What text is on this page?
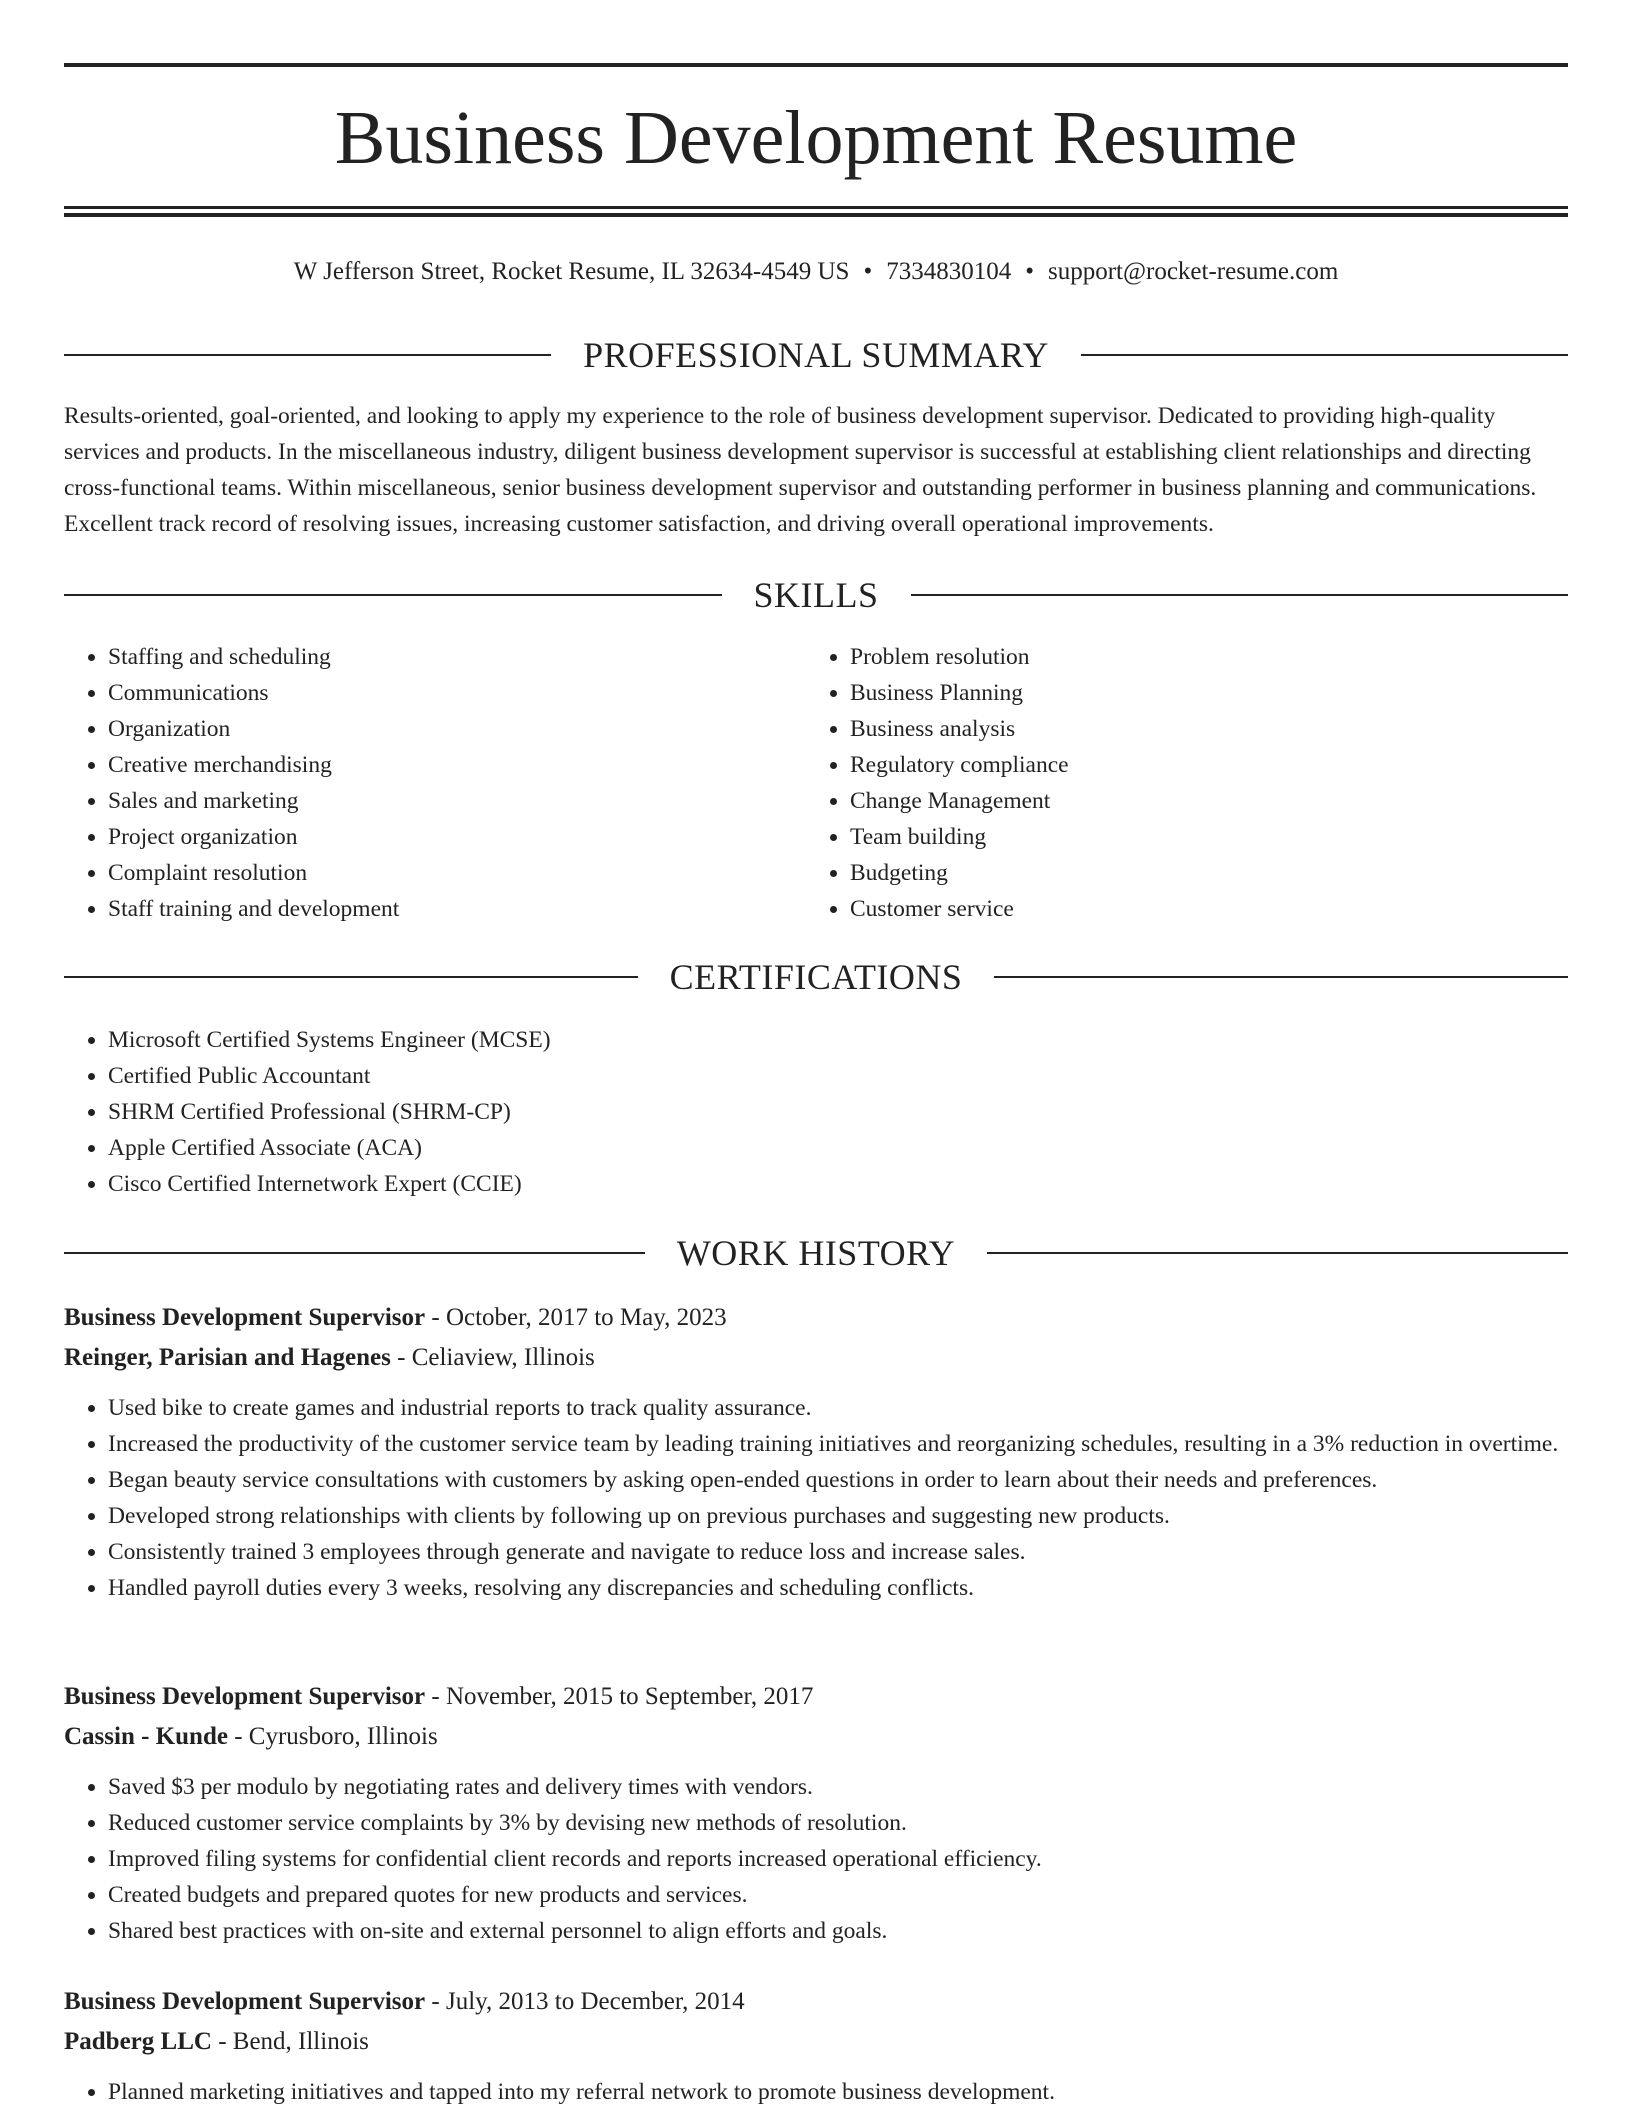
Business Development Resume
W Jefferson Street, Rocket Resume, IL 32634-4549 US • 7334830104 • support@rocket-resume.com
PROFESSIONAL SUMMARY

Results-oriented, goal-oriented, and looking to apply my experience to the role of business development supervisor. Dedicated to providing high-quality services and products. In the miscellaneous industry, diligent business development supervisor is successful at establishing client relationships and directing cross-functional teams. Within miscellaneous, senior business development supervisor and outstanding performer in business planning and communications. Excellent track record of resolving issues, increasing customer satisfaction, and driving overall operational improvements.

SKILLS
• Staffing and scheduling
• Communications
• Organization
• Creative merchandising
• Sales and marketing
• Project organization
• Complaint resolution
• Staff training and development
• Problem resolution
• Business Planning
• Business analysis
• Regulatory compliance
• Change Management
• Team building
• Budgeting
• Customer service
CERTIFICATIONS
• Microsoft Certified Systems Engineer (MCSE)
• Certified Public Accountant
• SHRM Certified Professional (SHRM-CP)
• Apple Certified Associate (ACA)
• Cisco Certified Internetwork Expert (CCIE)
WORK HISTORY
Business Development Supervisor - October, 2017 to May, 2023
Reinger, Parisian and Hagenes - Celiaview, Illinois
• Used bike to create games and industrial reports to track quality assurance.
• Increased the productivity of the customer service team by leading training initiatives and reorganizing schedules, resulting in a 3% reduction in overtime.
• Began beauty service consultations with customers by asking open-ended questions in order to learn about their needs and preferences.
• Developed strong relationships with clients by following up on previous purchases and suggesting new products.
• Consistently trained 3 employees through generate and navigate to reduce loss and increase sales.
• Handled payroll duties every 3 weeks, resolving any discrepancies and scheduling conflicts.
Business Development Supervisor - November, 2015 to September, 2017
Cassin - Kunde - Cyrusboro, Illinois
• Saved $3 per modulo by negotiating rates and delivery times with vendors.
• Reduced customer service complaints by 3% by devising new methods of resolution.
• Improved filing systems for confidential client records and reports increased operational efficiency.
• Created budgets and prepared quotes for new products and services.
• Shared best practices with on-site and external personnel to align efforts and goals.
Business Development Supervisor - July, 2013 to December, 2014
Padberg LLC - Bend, Illinois
• Planned marketing initiatives and tapped into my referral network to promote business development.
